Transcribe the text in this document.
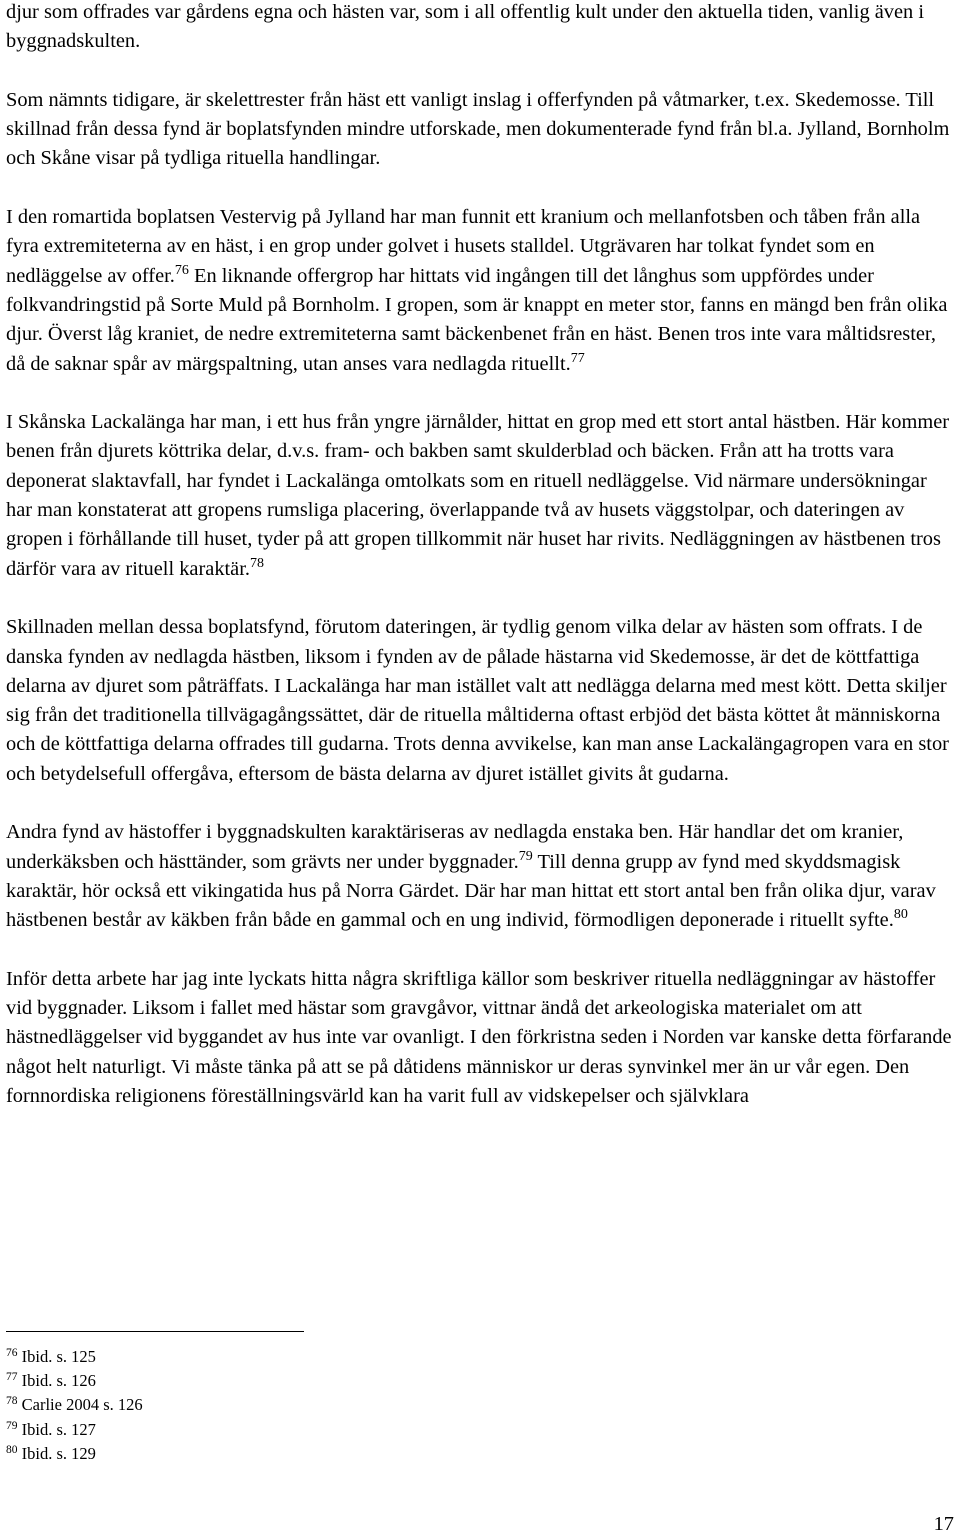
djur som offrades var gårdens egna och hästen var, som i all offentlig kult under den aktuella tiden, vanlig även i byggnadskulten.

Som nämnts tidigare, är skelettrester från häst ett vanligt inslag i offerfynden på våtmarker, t.ex. Skedemosse. Till skillnad från dessa fynd är boplatsfynden mindre utforskade, men dokumenterade fynd från bl.a. Jylland, Bornholm och Skåne visar på tydliga rituella handlingar.

I den romartida boplatsen Vestervig på Jylland har man funnit ett kranium och mellanfotsben och tåben från alla fyra extremiteterna av en häst, i en grop under golvet i husets stalldel. Utgrävaren har tolkat fyndet som en nedläggelse av offer.$^{76}$ En liknande offergrop har hittats vid ingången till det långhus som uppfördes under folkvandringstid på Sorte Muld på Bornholm. I gropen, som är knappt en meter stor, fanns en mängd ben från olika djur. Överst låg kraniet, de nedre extremiteterna samt bäckenbenet från en häst. Benen tros inte vara måltidsrester, då de saknar spår av märgspaltning, utan anses vara nedlagda rituellt.$^{77}$

I Skånska Lackalänga har man, i ett hus från yngre järnålder, hittat en grop med ett stort antal hästben. Här kommer benen från djurets köttrika delar, d.v.s. fram- och bakben samt skulderblad och bäcken. Från att ha trotts vara deponerat slaktavfall, har fyndet i Lackalänga omtolkats som en rituell nedläggelse. Vid närmare undersökningar har man konstaterat att gropens rumsliga placering, överlappande två av husets väggstolpar, och dateringen av gropen i förhållande till huset, tyder på att gropen tillkommit när huset har rivits. Nedläggningen av hästbenen tros därför vara av rituell karaktär.$^{78}$

Skillnaden mellan dessa boplatsfynd, förutom dateringen, är tydlig genom vilka delar av hästen som offrats. I de danska fynden av nedlagda hästben, liksom i fynden av de pålade hästarna vid Skedemosse, är det de köttfattiga delarna av djuret som påträffats. I Lackalänga har man istället valt att nedlägga delarna med mest kött. Detta skiljer sig från det traditionella tillvägagångssättet, där de rituella måltiderna oftast erbjöd det bästa köttet åt människorna och de köttfattiga delarna offrades till gudarna. Trots denna avvikelse, kan man anse Lackalängagropen vara en stor och betydelsefull offergåva, eftersom de bästa delarna av djuret istället givits åt gudarna.

Andra fynd av hästoffer i byggnadskulten karaktäriseras av nedlagda enstaka ben. Här handlar det om kranier, underkäksben och hästtänder, som grävts ner under byggnader.$^{79}$ Till denna grupp av fynd med skyddsmagisk karaktär, hör också ett vikingatida hus på Norra Gärdet. Där har man hittat ett stort antal ben från olika djur, varav hästbenen består av käkben från både en gammal och en ung individ, förmodligen deponerade i rituellt syfte.$^{80}$

Inför detta arbete har jag inte lyckats hitta några skriftliga källor som beskriver rituella nedläggningar av hästoffer vid byggnader. Liksom i fallet med hästar som gravgåvor, vittnar ändå det arkeologiska materialet om att hästnedläggelser vid byggandet av hus inte var ovanligt. I den förkristna seden i Norden var kanske detta förfarande något helt naturligt. Vi måste tänka på att se på dåtidens människor ur deras synvinkel mer än ur vår egen. Den fornnordiska religionens föreställningsvärld kan ha varit full av vidskepelser och självklara

$^{76}$ Ibid. s. 125
$^{77}$ Ibid. s. 126
$^{78}$ Carlie 2004 s. 126
$^{79}$ Ibid. s. 127
$^{80}$ Ibid. s. 129
17
